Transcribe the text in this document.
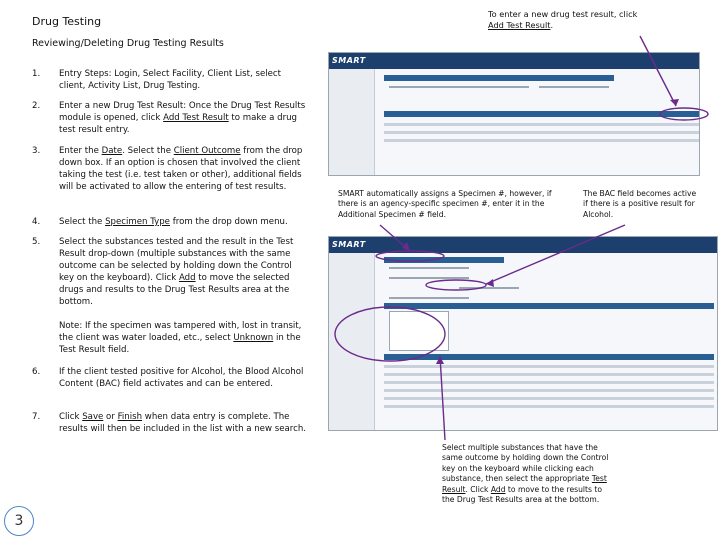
Drug Testing
Reviewing/Deleting Drug Testing Results
To enter a new drug test result, click Add Test Result.
1. Entry Steps: Login, Select Facility, Client List, select client, Activity List, Drug Testing.
2. Enter a new Drug Test Result: Once the Drug Test Results module is opened, click Add Test Result to make a drug test result entry.
3. Enter the Date. Select the Client Outcome from the drop down box. If an option is chosen that involved the client taking the test (i.e. test taken or other), additional fields will be activated to allow the entering of test results.
4. Select the Specimen Type from the drop down menu.
5. Select the substances tested and the result in the Test Result drop-down (multiple substances with the same outcome can be selected by holding down the Control key on the keyboard). Click Add to move the selected drugs and results to the Drug Test Results area at the bottom.
Note: If the specimen was tampered with, lost in transit, the client was water loaded, etc., select Unknown in the Test Result field.
6. If the client tested positive for Alcohol, the Blood Alcohol Content (BAC) field activates and can be entered.
7. Click Save or Finish when data entry is complete. The results will then be included in the list with a new search.
SMART
SMART automatically assigns a Specimen #, however, if there is an agency-specific specimen #, enter it in the Additional Specimen # field.
The BAC field becomes active if there is a positive result for Alcohol.
SMART
Select multiple substances that have the same outcome by holding down the Control key on the keyboard while clicking each substance, then select the appropriate Test Result. Click Add to move to the results to the Drug Test Results area at the bottom.
3
